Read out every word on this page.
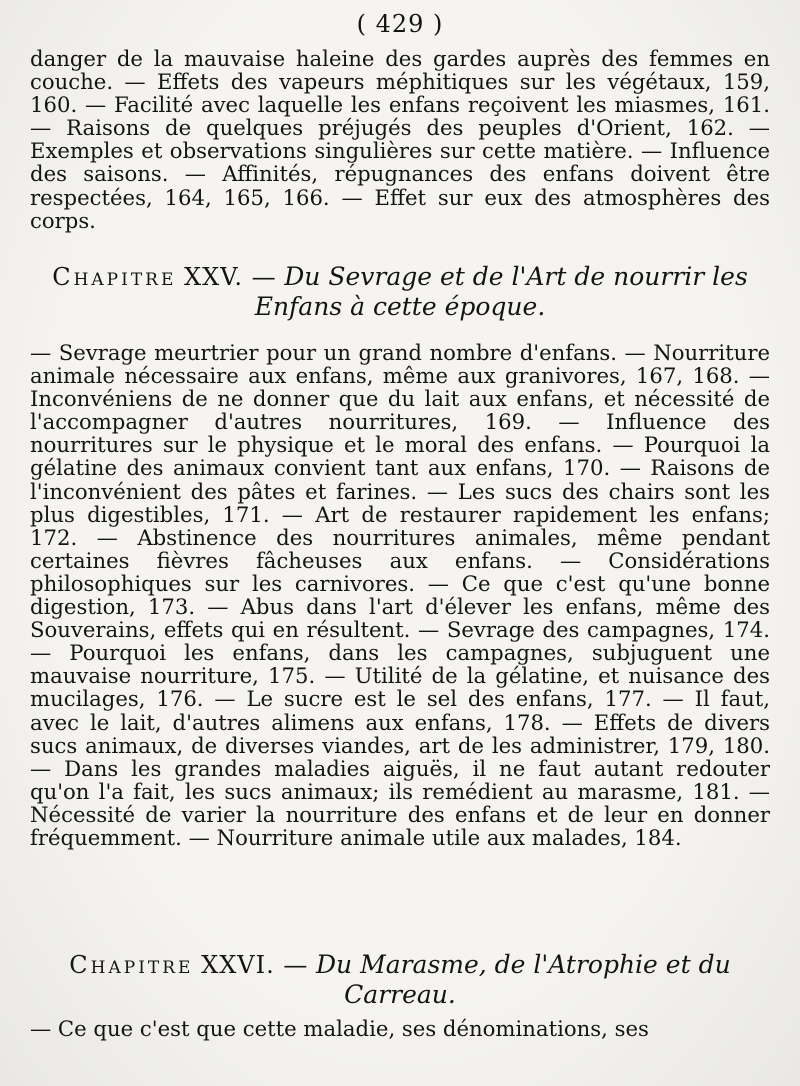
( 429 )

danger de la mauvaise haleine des gardes auprès des femmes en couche. — Effets des vapeurs méphitiques sur les végétaux, 159, 160. — Facilité avec laquelle les enfans reçoivent les miasmes, 161. — Raisons de quelques préjugés des peuples d'Orient, 162. — Exemples et observations singulières sur cette matière. — Influence des saisons. — Affinités, répugnances des enfans doivent être respectées, 164, 165, 166. — Effet sur eux des atmosphères des corps.

Chapitre XXV. — Du Sevrage et de l'Art de nourrir les Enfans à cette époque.

— Sevrage meurtrier pour un grand nombre d'enfans. — Nourriture animale nécessaire aux enfans, même aux granivores, 167, 168. — Inconvéniens de ne donner que du lait aux enfans, et nécessité de l'accompagner d'autres nourritures, 169. — Influence des nourritures sur le physique et le moral des enfans. — Pourquoi la gélatine des animaux convient tant aux enfans, 170. — Raisons de l'inconvénient des pâtes et farines. — Les sucs des chairs sont les plus digestibles, 171. — Art de restaurer rapidement les enfans; 172. — Abstinence des nourritures animales, même pendant certaines fièvres fâcheuses aux enfans. — Considérations philosophiques sur les carnivores. — Ce que c'est qu'une bonne digestion, 173. — Abus dans l'art d'élever les enfans, même des Souverains, effets qui en résultent. — Sevrage des campagnes, 174. — Pourquoi les enfans, dans les campagnes, subjuguent une mauvaise nourriture, 175. — Utilité de la gélatine, et nuisance des mucilages, 176. — Le sucre est le sel des enfans, 177. — Il faut, avec le lait, d'autres alimens aux enfans, 178. — Effets de divers sucs animaux, de diverses viandes, art de les administrer, 179, 180. — Dans les grandes maladies aiguës, il ne faut autant redouter qu'on l'a fait, les sucs animaux; ils remédient au marasme, 181. — Nécessité de varier la nourriture des enfans et de leur en donner fréquemment. — Nourriture animale utile aux malades, 184.

Chapitre XXVI. — Du Marasme, de l'Atrophie et du Carreau.

— Ce que c'est que cette maladie, ses dénominations, ses
